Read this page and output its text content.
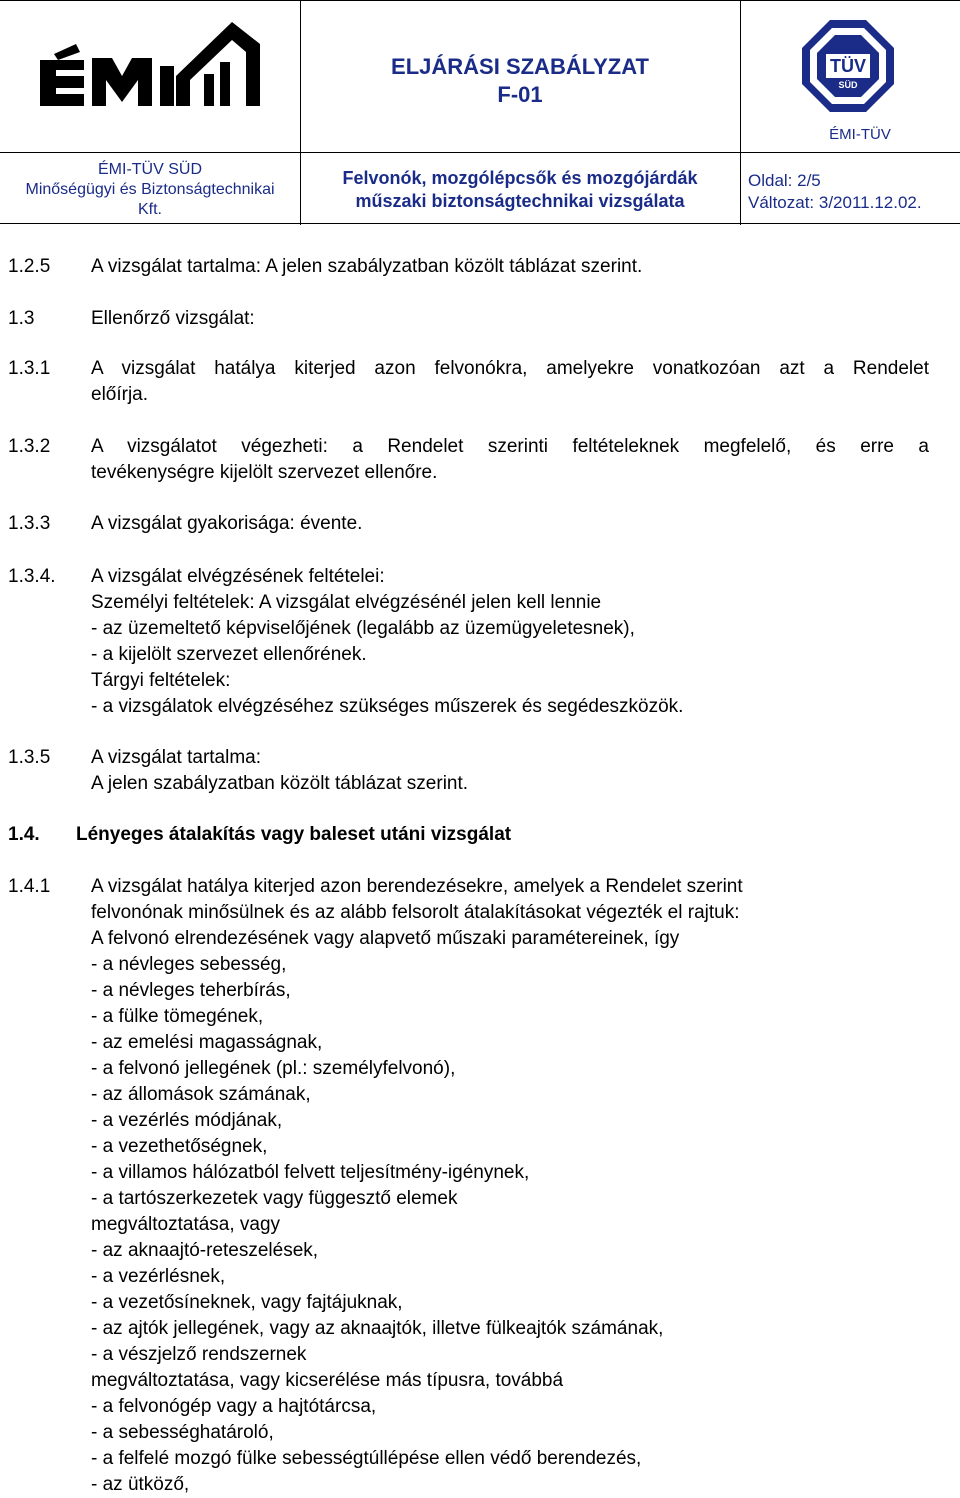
ELJÁRÁSI SZABÁLYZAT
F-01
TÜV
SÜD
ÉMI-TÜV
ÉMI-TÜV SÜD
Minőségügyi és Biztonságtechnikai
Kft.
Felvonók, mozgólépcsők és mozgójárdák
műszaki biztonságtechnikai vizsgálata
Oldal: 2/5
Változat: 3/2011.12.02.
1.2.5 A vizsgálat tartalma: A jelen szabályzatban közölt táblázat szerint.
1.3	Ellenőrző vizsgálat:
1.3.1 A vizsgálat hatálya kiterjed azon felvonókra, amelyekre vonatkozóan azt a Rendelet
előírja.
1.3.2 A vizsgálatot végezheti: a Rendelet szerinti feltételeknek megfelelő, és erre a
tevékenységre kijelölt szervezet ellenőre.
1.3.3 A vizsgálat gyakorisága: évente.
1.3.4. A vizsgálat elvégzésének feltételei:
Személyi feltételek: A vizsgálat elvégzésénél jelen kell lennie
- az üzemeltető képviselőjének (legalább az üzemügyeletesnek),
- a kijelölt szervezet ellenőrének.
Tárgyi feltételek:
- a vizsgálatok elvégzéséhez szükséges műszerek és segédeszközök.
1.3.5 A vizsgálat tartalma:
A jelen szabályzatban közölt táblázat szerint.
1.4. Lényeges átalakítás vagy baleset utáni vizsgálat
1.4.1 A vizsgálat hatálya kiterjed azon berendezésekre, amelyek a Rendelet szerint
felvonónak minősülnek és az alább felsorolt átalakításokat végezték el rajtuk:
A felvonó elrendezésének vagy alapvető műszaki paramétereinek, így
- a névleges sebesség,
- a névleges teherbírás,
- a fülke tömegének,
- az emelési magasságnak,
- a felvonó jellegének (pl.: személyfelvonó),
- az állomások számának,
- a vezérlés módjának,
- a vezethetőségnek,
- a villamos hálózatból felvett teljesítmény-igénynek,
- a tartószerkezetek vagy függesztő elemek
megváltoztatása, vagy
- az aknaajtó-reteszelések,
- a vezérlésnek,
- a vezetősíneknek, vagy fajtájuknak,
- az ajtók jellegének, vagy az aknaajtók, illetve fülkeajtók számának,
- a vészjelző rendszernek
megváltoztatása, vagy kicserélése más típusra, továbbá
- a felvonógép vagy a hajtótárcsa,
- a sebességhatároló,
- a felfelé mozgó fülke sebességtúllépése ellen védő berendezés,
- az ütköző,
